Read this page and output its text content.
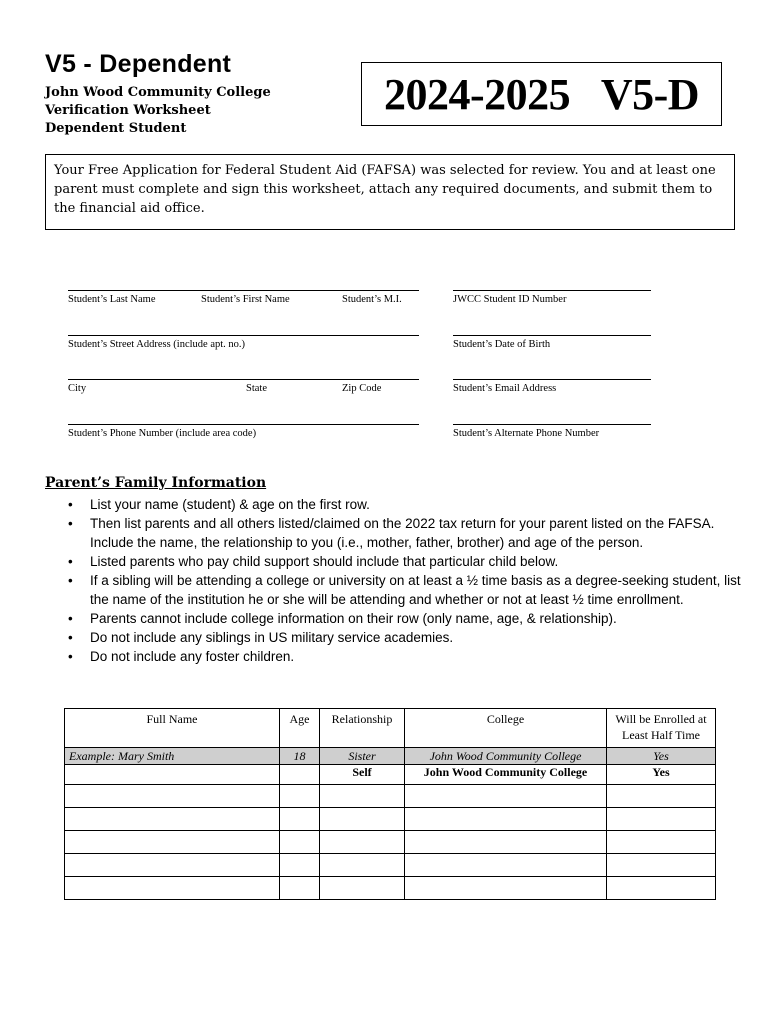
V5 - Dependent
John Wood Community College
Verification Worksheet
Dependent Student
2024-2025   V5-D
Your Free Application for Federal Student Aid (FAFSA) was selected for review. You and at least one parent must complete and sign this worksheet, attach any required documents, and submit them to the financial aid office.
Student’s Last Name	Student’s First Name	Student’s M.I.	JWCC Student ID Number
Student’s Street Address (include apt. no.)	Student’s Date of Birth
City	State	Zip Code	Student’s Email Address
Student’s Phone Number (include area code)	Student’s Alternate Phone Number
Parent’s Family Information
• List your name (student) & age on the first row.
• Then list parents and all others listed/claimed on the 2022 tax return for your parent listed on the FAFSA. Include the name, the relationship to you (i.e., mother, father, brother) and age of the person.
• Listed parents who pay child support should include that particular child below.
• If a sibling will be attending a college or university on at least a ½ time basis as a degree-seeking student, list the name of the institution he or she will be attending and whether or not at least ½ time enrollment.
• Parents cannot include college information on their row (only name, age, & relationship).
• Do not include any siblings in US military service academies.
• Do not include any foster children.
Full Name	Age	Relationship	College	Will be Enrolled at Least Half Time
Example: Mary Smith	18	Sister	John Wood Community College	Yes
		Self	John Wood Community College	Yes
